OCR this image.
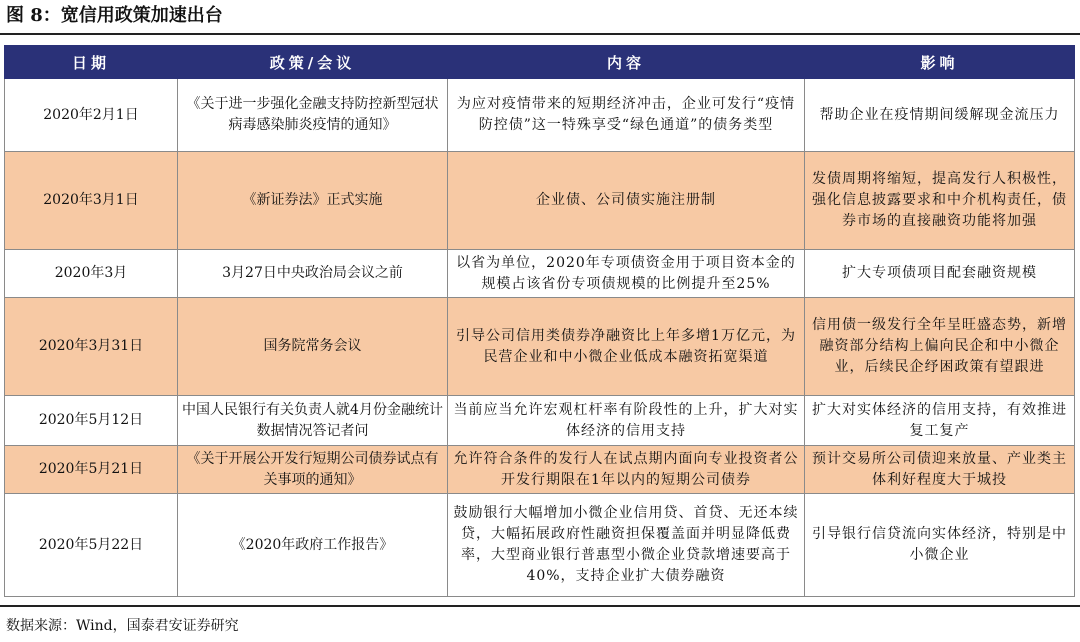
图 8：宽信用政策加速出台
日期	政策/会议	内容	影响
2020年2月1日	《关于进一步强化金融支持防控新型冠状病毒感染肺炎疫情的通知》	为应对疫情带来的短期经济冲击，企业可发行“疫情防控债”这一特殊享受“绿色通道”的债务类型	帮助企业在疫情期间缓解现金流压力
2020年3月1日	《新证券法》正式实施	企业债、公司债实施注册制	发债周期将缩短，提高发行人积极性，强化信息披露要求和中介机构责任，债券市场的直接融资功能将加强
2020年3月	3月27日中央政治局会议之前	以省为单位，2020年专项债资金用于项目资本金的规模占该省份专项债规模的比例提升至25%	扩大专项债项目配套融资规模
2020年3月31日	国务院常务会议	引导公司信用类债券净融资比上年多增1万亿元，为民营企业和中小微企业低成本融资拓宽渠道	信用债一级发行全年呈旺盛态势，新增融资部分结构上偏向民企和中小微企业，后续民企纾困政策有望跟进
2020年5月12日	中国人民银行有关负责人就4月份金融统计数据情况答记者问	当前应当允许宏观杠杆率有阶段性的上升，扩大对实体经济的信用支持	扩大对实体经济的信用支持，有效推进复工复产
2020年5月21日	《关于开展公开发行短期公司债券试点有关事项的通知》	允许符合条件的发行人在试点期内面向专业投资者公开发行期限在1年以内的短期公司债券	预计交易所公司债迎来放量、产业类主体利好程度大于城投
2020年5月22日	《2020年政府工作报告》	鼓励银行大幅增加小微企业信用贷、首贷、无还本续贷，大幅拓展政府性融资担保覆盖面并明显降低费率，大型商业银行普惠型小微企业贷款增速要高于40%，支持企业扩大债券融资	引导银行信贷流向实体经济，特别是中小微企业
数据来源：Wind，国泰君安证券研究
